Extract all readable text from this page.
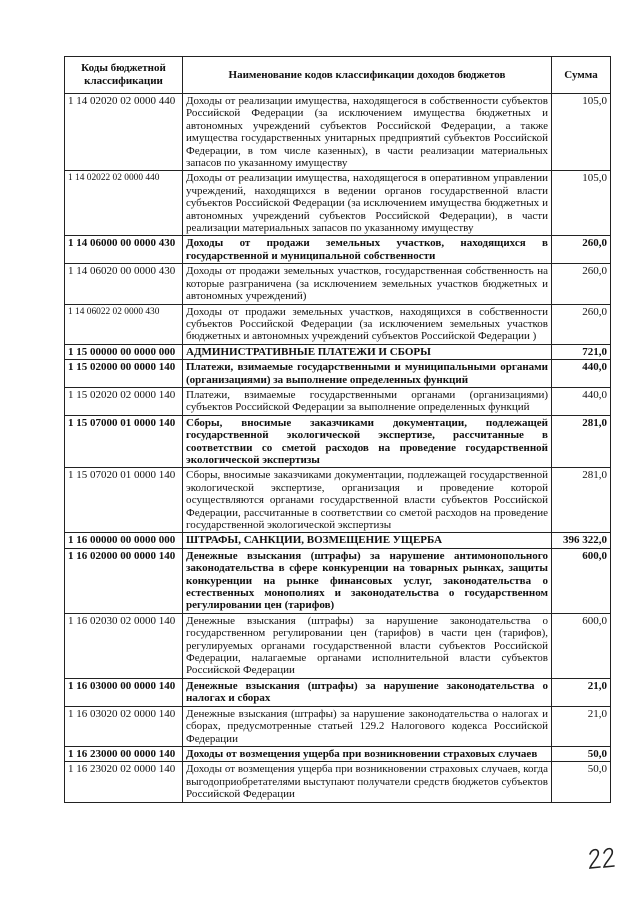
Коды бюджетной классификации	Наименование кодов классификации доходов бюджетов	Сумма
1 14 02020 02 0000 440	Доходы от реализации имущества, находящегося в собственности субъектов Российской Федерации (за исключением имущества бюджетных и автономных учреждений субъектов Российской Федерации, а также имущества государственных унитарных предприятий субъектов Российской Федерации, в том числе казенных), в части реализации материальных запасов по указанному имуществу	105,0
1 14 02022 02 0000 440	Доходы от реализации имущества, находящегося в оперативном управлении учреждений, находящихся в ведении органов государственной власти субъектов Российской Федерации (за исключением имущества бюджетных и автономных учреждений субъектов Российской Федерации), в части реализации материальных запасов по указанному имуществу	105,0
1 14 06000 00 0000 430	Доходы от продажи земельных участков, находящихся в государственной и муниципальной собственности	260,0
1 14 06020 00 0000 430	Доходы от продажи земельных участков, государственная собственность на которые разграничена (за исключением земельных участков бюджетных и автономных учреждений)	260,0
1 14 06022 02 0000 430	Доходы от продажи земельных участков, находящихся в собственности субъектов Российской Федерации (за исключением земельных участков бюджетных и автономных учреждений субъектов Российской Федерации )	260,0
1 15 00000 00 0000 000	АДМИНИСТРАТИВНЫЕ ПЛАТЕЖИ И СБОРЫ	721,0
1 15 02000 00 0000 140	Платежи, взимаемые государственными и муниципальными органами (организациями) за выполнение определенных функций	440,0
1 15 02020 02 0000 140	Платежи, взимаемые государственными органами (организациями) субъектов Российской Федерации за выполнение определенных функций	440,0
1 15 07000 01 0000 140	Сборы, вносимые заказчиками документации, подлежащей государственной экологической экспертизе, рассчитанные в соответствии со сметой расходов на проведение государственной экологической экспертизы	281,0
1 15 07020 01 0000 140	Сборы, вносимые заказчиками документации, подлежащей государственной экологической экспертизе, организация и проведение которой осуществляются органами государственной власти субъектов Российской Федерации, рассчитанные в соответствии со сметой расходов на проведение государственной экологической экспертизы	281,0
1 16 00000 00 0000 000	ШТРАФЫ, САНКЦИИ, ВОЗМЕЩЕНИЕ УЩЕРБА	396 322,0
1 16 02000 00 0000 140	Денежные взыскания (штрафы) за нарушение антимонопольного законодательства в сфере конкуренции на товарных рынках, защиты конкуренции на рынке финансовых услуг, законодательства о естественных монополиях и законодательства о государственном регулировании цен (тарифов)	600,0
1 16 02030 02 0000 140	Денежные взыскания (штрафы) за нарушение законодательства о государственном регулировании цен (тарифов) в части цен (тарифов), регулируемых органами государственной власти субъектов Российской Федерации, налагаемые органами исполнительной власти субъектов Российской Федерации	600,0
1 16 03000 00 0000 140	Денежные взыскания (штрафы) за нарушение законодательства о налогах и сборах	21,0
1 16 03020 02 0000 140	Денежные взыскания (штрафы) за нарушение законодательства о налогах и сборах, предусмотренные статьей 129.2 Налогового кодекса Российской Федерации	21,0
1 16 23000 00 0000 140	Доходы от возмещения ущерба при возникновении страховых случаев	50,0
1 16 23020 02 0000 140	Доходы от возмещения ущерба при возникновении страховых случаев, когда выгодоприобретателями выступают получатели средств бюджетов субъектов Российской Федерации	50,0
